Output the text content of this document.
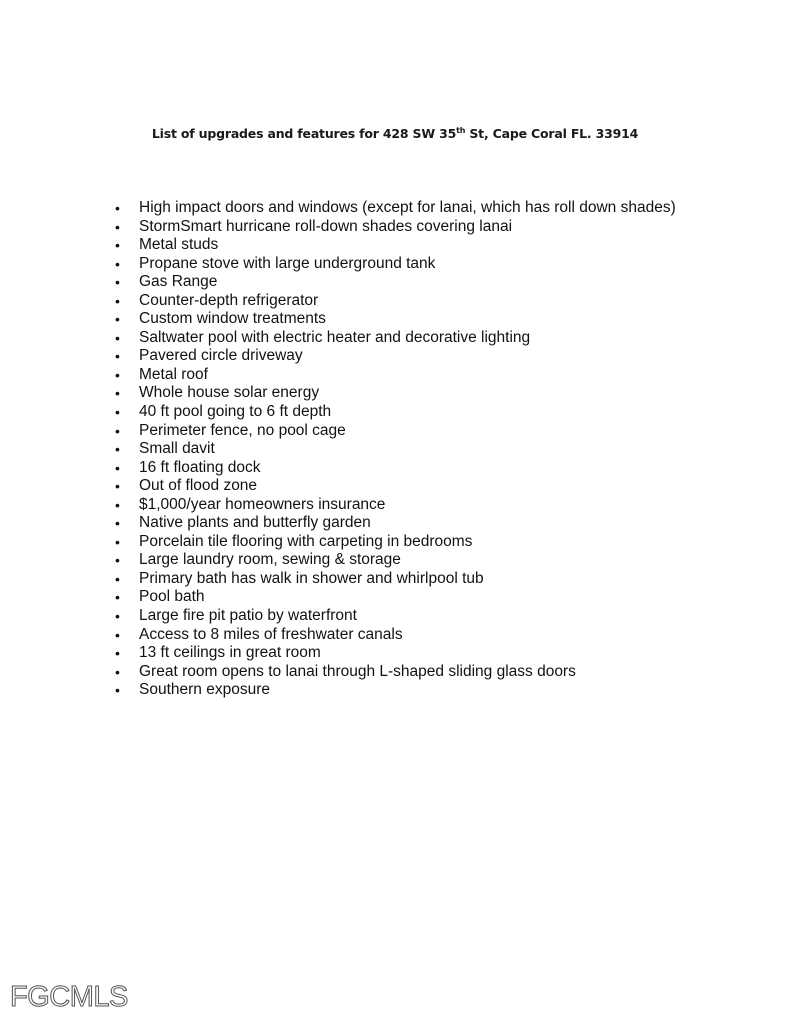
List of upgrades and features for 428 SW 35th St, Cape Coral FL. 33914
• High impact doors and windows (except for lanai, which has roll down shades)
• StormSmart hurricane roll-down shades covering lanai
• Metal studs
• Propane stove with large underground tank
• Gas Range
• Counter-depth refrigerator
• Custom window treatments
• Saltwater pool with electric heater and decorative lighting
• Pavered circle driveway
• Metal roof
• Whole house solar energy
• 40 ft pool going to 6 ft depth
• Perimeter fence, no pool cage
• Small davit
• 16 ft floating dock
• Out of flood zone
• $1,000/year homeowners insurance
• Native plants and butterfly garden
• Porcelain tile flooring with carpeting in bedrooms
• Large laundry room, sewing & storage
• Primary bath has walk in shower and whirlpool tub
• Pool bath
• Large fire pit patio by waterfront
• Access to 8 miles of freshwater canals
• 13 ft ceilings in great room
• Great room opens to lanai through L-shaped sliding glass doors
• Southern exposure
FGCMLS
